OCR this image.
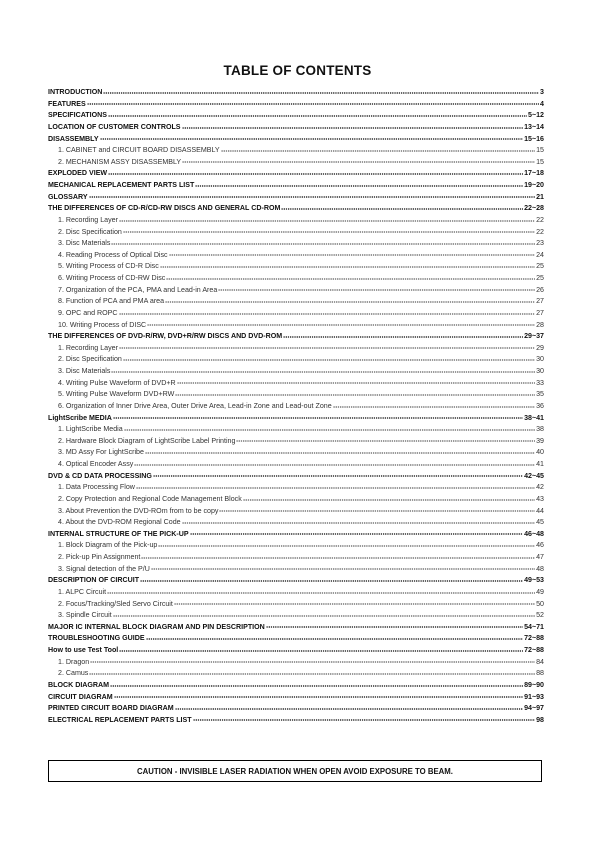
TABLE OF CONTENTS
INTRODUCTION	3
FEATURES	4
SPECIFICATIONS	5~12
LOCATION OF CUSTOMER CONTROLS	13~14
DISASSEMBLY	15~16
1. CABINET and CIRCUIT BOARD DISASSEMBLY	15
2. MECHANISM ASSY DISASSEMBLY	15
EXPLODED VIEW	17~18
MECHANICAL REPLACEMENT PARTS LIST	19~20
GLOSSARY	21
THE DIFFERENCES OF CD-R/CD-RW DISCS AND GENERAL CD-ROM	22~28
1. Recording Layer	22
2. Disc Specification	22
3. Disc Materials	23
4. Reading Process of Optical Disc	24
5. Writing Process of CD-R Disc	25
6. Writing Process of CD-RW Disc	25
7. Organization of the PCA, PMA and Lead-in Area	26
8. Function of PCA and PMA area	27
9. OPC and ROPC	27
10. Writing Process of DISC	28
THE DIFFERENCES OF DVD-R/RW, DVD+R/RW DISCS AND DVD-ROM	29~37
1. Recording Layer	29
2. Disc Specification	30
3. Disc Materials	30
4. Writing Pulse Waveform of DVD+R	33
5. Writing Pulse Waveform DVD+RW	35
6. Organization of Inner Drive Area, Outer Drive Area, Lead-in Zone and Lead-out Zone	36
LightScribe MEDIA	38~41
1. LightScribe Media	38
2. Hardware Block Diagram of LightScribe Label Printing	39
3. MD Assy For LightScribe	40
4. Optical Encoder Assy	41
DVD & CD DATA PROCESSING	42~45
1. Data Processing Flow	42
2. Copy Protection and Regional Code Management Block	43
3. About Prevention the DVD-ROm from to be copy	44
4. About the DVD-ROM Regional Code	45
INTERNAL STRUCTURE OF THE PICK-UP	46~48
1. Block Diagram of the Pick-up	46
2. Pick-up Pin Assignment	47
3. Signal detection of the P/U	48
DESCRIPTION OF CIRCUIT	49~53
1. ALPC Circuit	49
2. Focus/Tracking/Sled Servo Circuit	50
3. Spindle Circuit	52
MAJOR IC INTERNAL BLOCK DIAGRAM AND PIN DESCRIPTION	54~71
TROUBLESHOOTING GUIDE	72~88
How to use Test Tool	72~88
1. Dragon	84
2. Camus	88
BLOCK DIAGRAM	89~90
CIRCUIT DIAGRAM	91~93
PRINTED CIRCUIT BOARD DIAGRAM	94~97
ELECTRICAL REPLACEMENT PARTS LIST	98
CAUTION - INVISIBLE LASER RADIATION WHEN OPEN AVOID EXPOSURE TO BEAM.
